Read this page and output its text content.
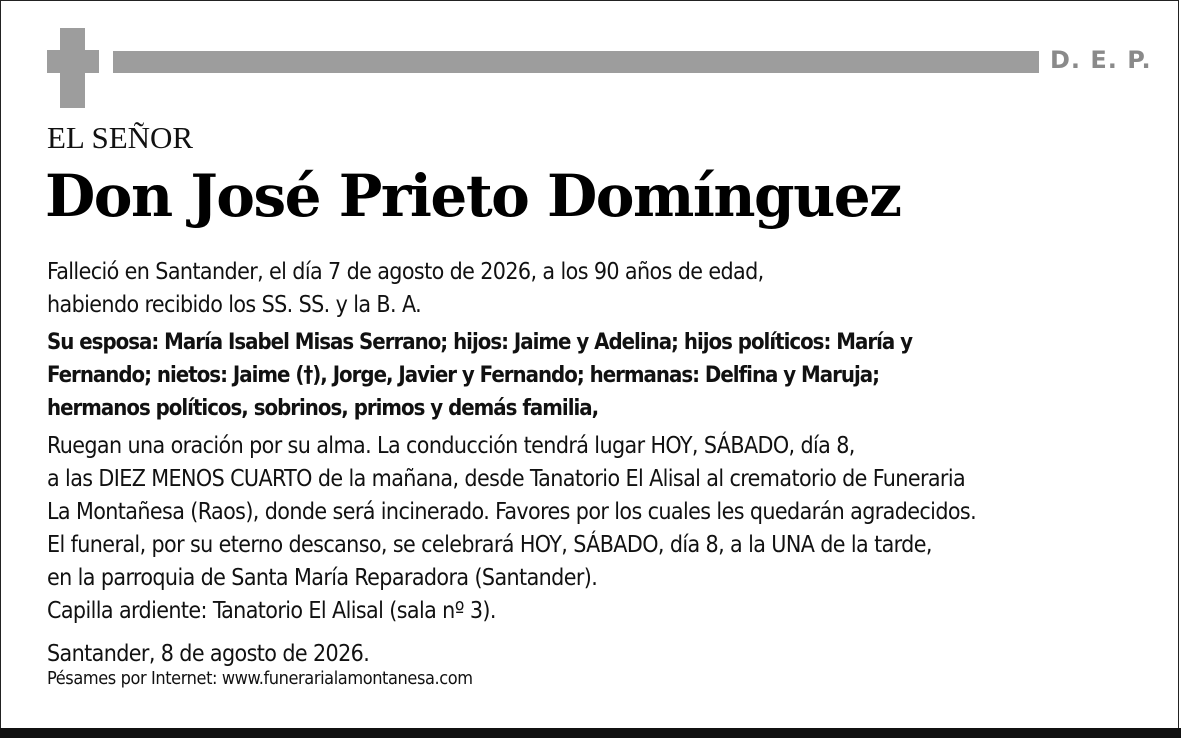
D. E. P.
EL SEÑOR
Don José Prieto Domínguez
Falleció en Santander, el día 7 de agosto de 2026, a los 90 años de edad,
habiendo recibido los SS. SS. y la B. A.
Su esposa: María Isabel Misas Serrano; hijos: Jaime y Adelina; hijos políticos: María y
Fernando; nietos: Jaime (†), Jorge, Javier y Fernando; hermanas: Delfina y Maruja;
hermanos políticos, sobrinos, primos y demás familia,
Ruegan una oración por su alma. La conducción tendrá lugar HOY, SÁBADO, día 8,
a las DIEZ MENOS CUARTO de la mañana, desde Tanatorio El Alisal al crematorio de Funeraria
La Montañesa (Raos), donde será incinerado. Favores por los cuales les quedarán agradecidos.
El funeral, por su eterno descanso, se celebrará HOY, SÁBADO, día 8, a la UNA de la tarde,
en la parroquia de Santa María Reparadora (Santander).
Capilla ardiente: Tanatorio El Alisal (sala nº 3).
Santander, 8 de agosto de 2026.
Pésames por Internet: www.funerarialamontanesa.com
